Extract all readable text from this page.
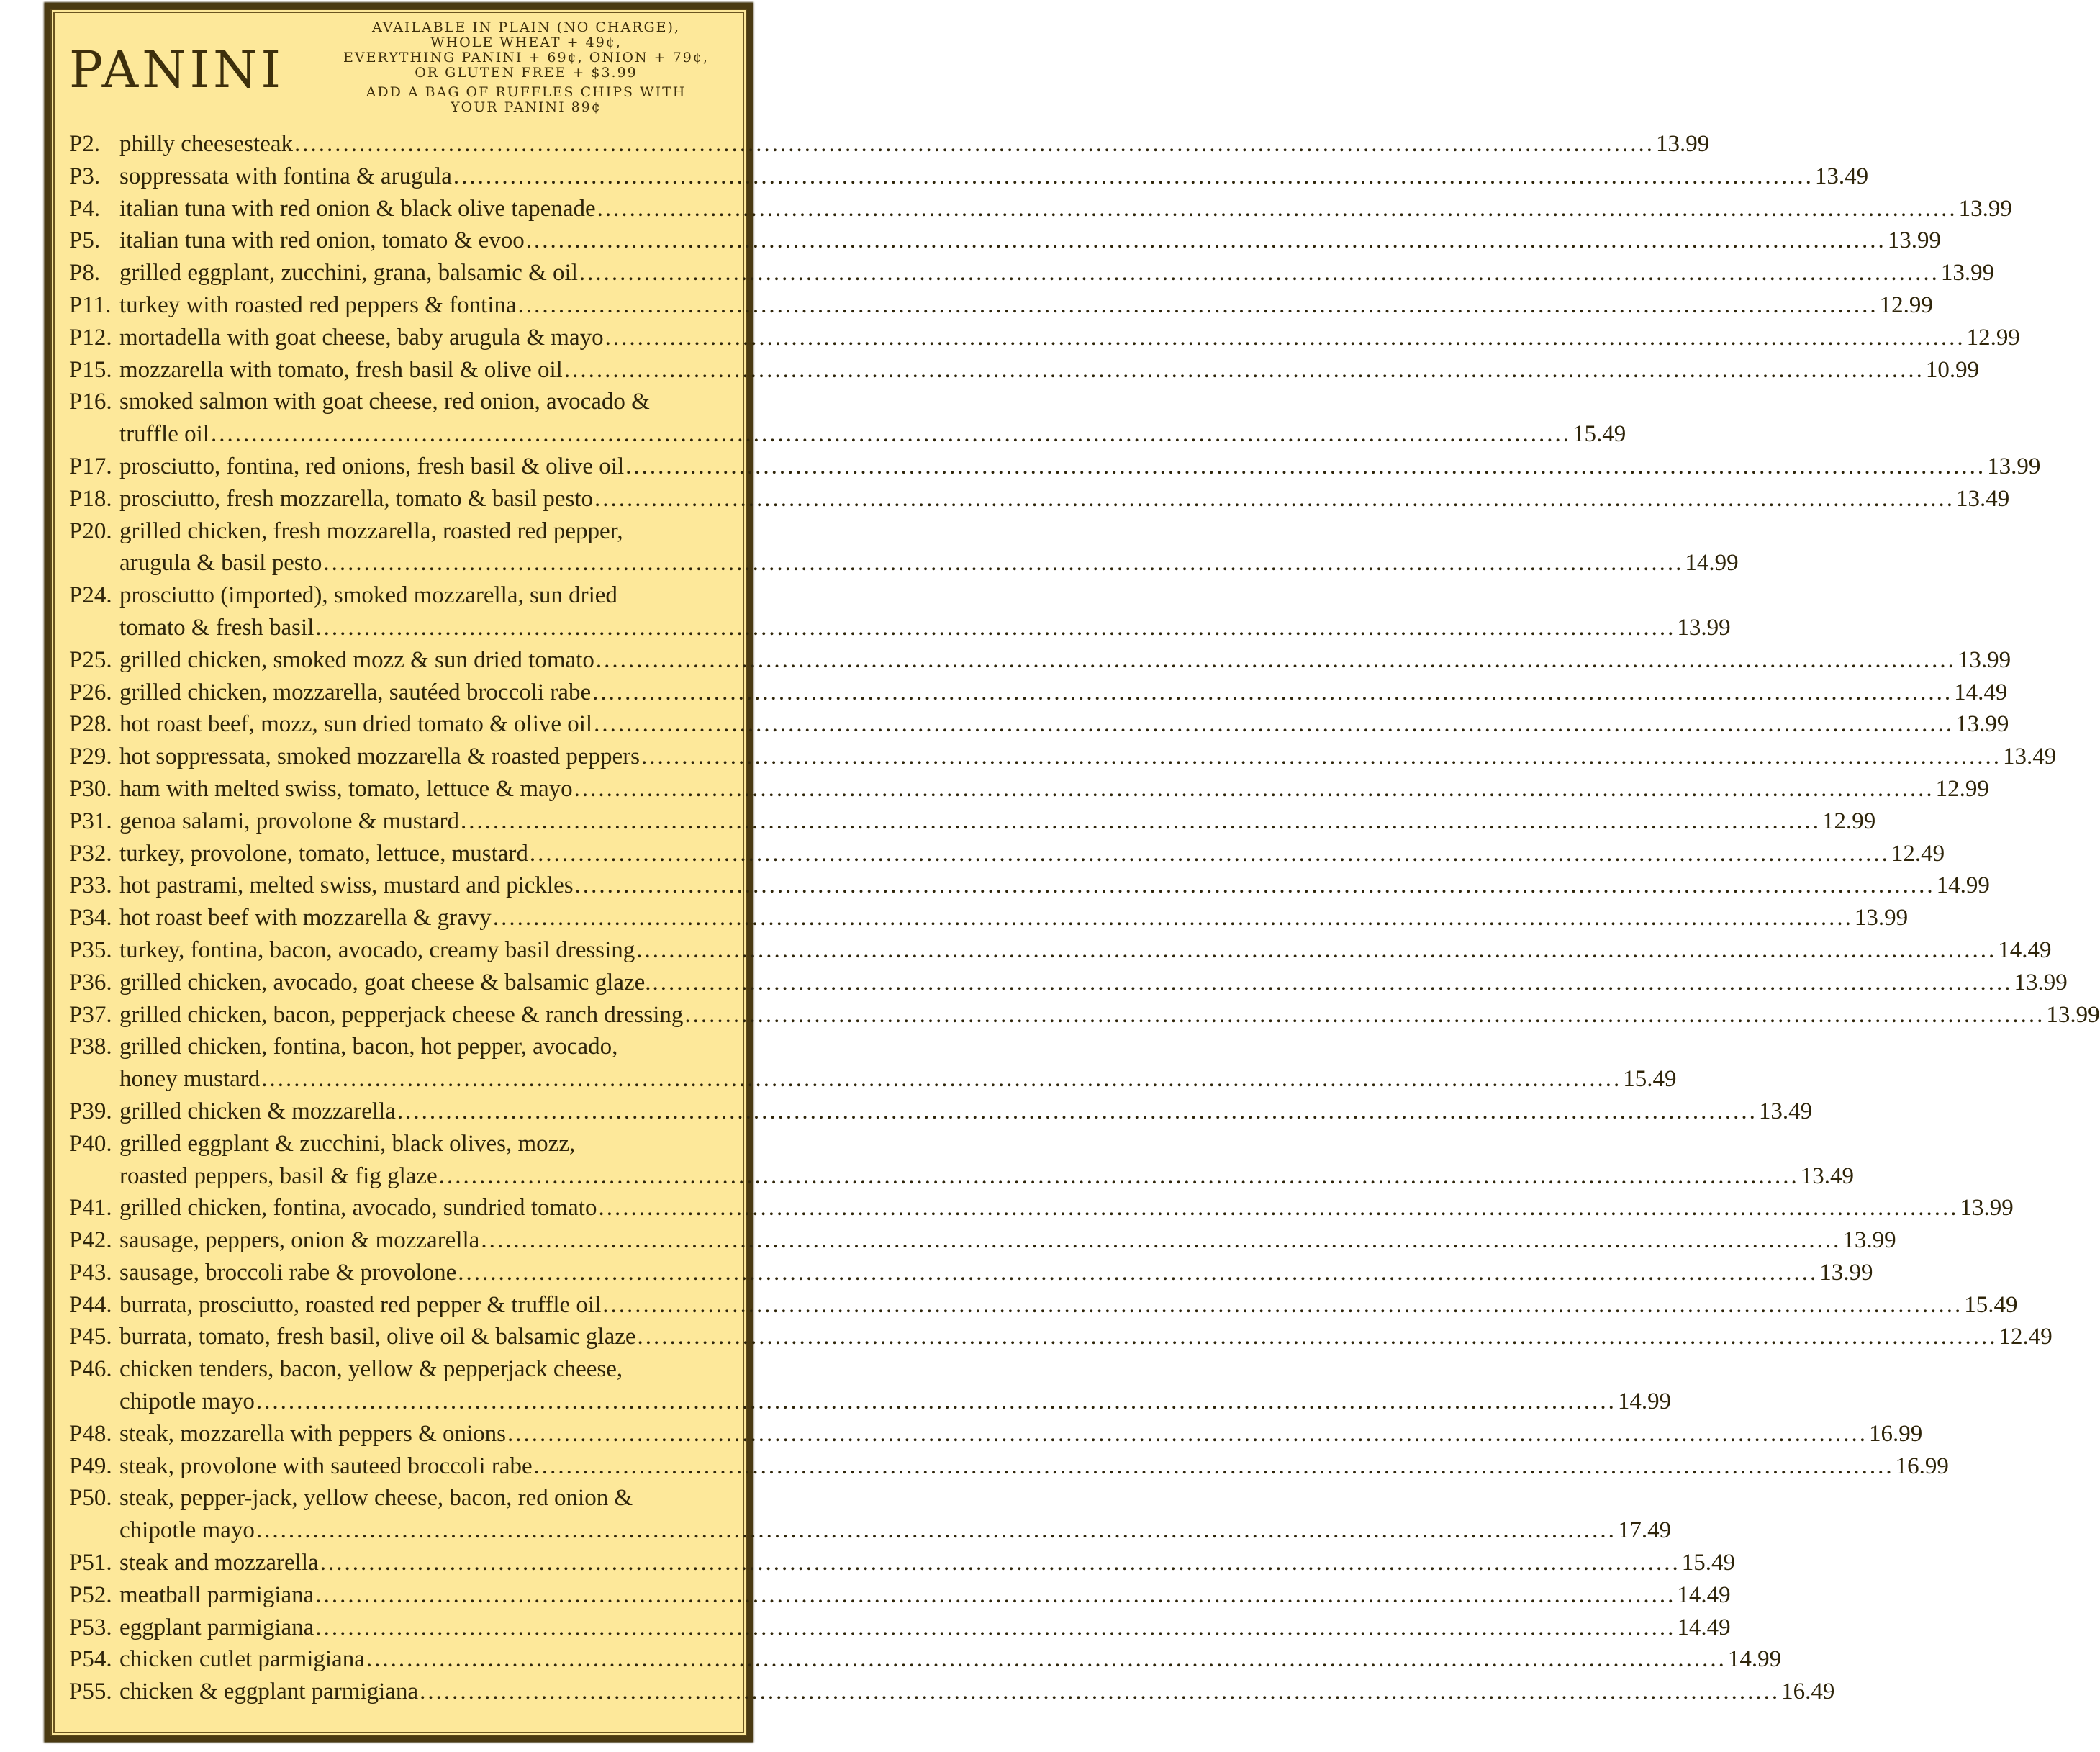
PANINI
AVAILABLE IN PLAIN (NO CHARGE),
WHOLE WHEAT + 49¢,
EVERYTHING PANINI + 69¢, ONION + 79¢,
OR GLUTEN FREE + $3.99
ADD A BAG OF RUFFLES CHIPS WITH
YOUR PANINI 89¢
P2. philly cheesesteak .....	13.99
P3. soppressata with fontina & arugula .....	13.49
P4. italian tuna with red onion & black olive tapenade .....	13.99
P5. italian tuna with red onion, tomato & evoo .....	13.99
P8. grilled eggplant, zucchini, grana, balsamic & oil .....	13.99
P11. turkey with roasted red peppers & fontina .....	12.99
P12. mortadella with goat cheese, baby arugula & mayo .....	12.99
P15. mozzarella with tomato, fresh basil & olive oil .....	10.99
P16. smoked salmon with goat cheese, red onion, avocado &
truffle oil .....	15.49
P17. prosciutto, fontina, red onions, fresh basil & olive oil .....	13.99
P18. prosciutto, fresh mozzarella, tomato & basil pesto .....	13.49
P20. grilled chicken, fresh mozzarella, roasted red pepper,
arugula & basil pesto .....	14.99
P24. prosciutto (imported), smoked mozzarella, sun dried
tomato & fresh basil .....	13.99
P25. grilled chicken, smoked mozz & sun dried tomato .....	13.99
P26. grilled chicken, mozzarella, sautéed broccoli rabe .....	14.49
P28. hot roast beef, mozz, sun dried tomato & olive oil .....	13.99
P29. hot soppressata, smoked mozzarella & roasted peppers .....	13.49
P30. ham with melted swiss, tomato, lettuce & mayo .....	12.99
P31. genoa salami, provolone & mustard .....	12.99
P32. turkey, provolone, tomato, lettuce, mustard .....	12.49
P33. hot pastrami, melted swiss, mustard and pickles .....	14.99
P34. hot roast beef with mozzarella & gravy .....	13.99
P35. turkey, fontina, bacon, avocado, creamy basil dressing .....	14.49
P36. grilled chicken, avocado, goat cheese & balsamic glaze. .....	13.99
P37. grilled chicken, bacon, pepperjack cheese & ranch dressing .....	13.99
P38. grilled chicken, fontina, bacon, hot pepper, avocado,
honey mustard .....	15.49
P39. grilled chicken & mozzarella .....	13.49
P40. grilled eggplant & zucchini, black olives, mozz,
roasted peppers, basil & fig glaze .....	13.49
P41. grilled chicken, fontina, avocado, sundried tomato .....	13.99
P42. sausage, peppers, onion & mozzarella .....	13.99
P43. sausage, broccoli rabe & provolone .....	13.99
P44. burrata, prosciutto, roasted red pepper & truffle oil .....	15.49
P45. burrata, tomato, fresh basil, olive oil & balsamic glaze .....	12.49
P46. chicken tenders, bacon, yellow & pepperjack cheese,
chipotle mayo .....	14.99
P48. steak, mozzarella with peppers & onions .....	16.99
P49. steak, provolone with sauteed broccoli rabe .....	16.99
P50. steak, pepper-jack, yellow cheese, bacon, red onion &
chipotle mayo .....	17.49
P51. steak and mozzarella .....	15.49
P52. meatball parmigiana .....	14.49
P53. eggplant parmigiana .....	14.49
P54. chicken cutlet parmigiana .....	14.99
P55. chicken & eggplant parmigiana .....	16.49
